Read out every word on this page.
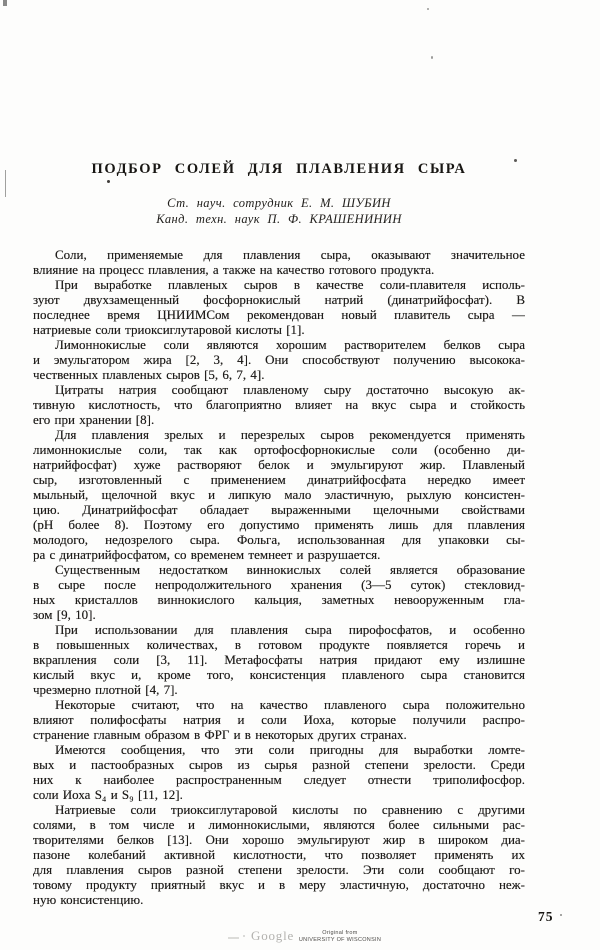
ПОДБОР СОЛЕЙ ДЛЯ ПЛАВЛЕНИЯ СЫРА
Ст. науч. сотрудник Е. М. ШУБИН
Канд. техн. наук П. Ф. КРАШЕНИНИН
Соли, применяемые для плавления сыра, оказывают значительное
влияние на процесс плавления, а также на качество готового продукта.
При выработке плавленых сыров в качестве соли-плавителя исполь-
зуют двухзамещенный фосфорнокислый натрий (динатрийфосфат). В
последнее время ЦНИИМСом рекомендован новый плавитель сыра —
натриевые соли триоксиглутаровой кислоты [1].
Лимоннокислые соли являются хорошим растворителем белков сыра
и эмульгатором жира [2, 3, 4]. Они способствуют получению высокока-
чественных плавленых сыров [5, 6, 7, 4].
Цитраты натрия сообщают плавленому сыру достаточно высокую ак-
тивную кислотность, что благоприятно влияет на вкус сыра и стойкость
его при хранении [8].
Для плавления зрелых и перезрелых сыров рекомендуется применять
лимоннокислые соли, так как ортофосфорнокислые соли (особенно ди-
натрийфосфат) хуже растворяют белок и эмульгируют жир. Плавленый
сыр, изготовленный с применением динатрийфосфата нередко имеет
мыльный, щелочной вкус и липкую мало эластичную, рыхлую консистен-
цию. Динатрийфосфат обладает выраженными щелочными свойствами
(pH более 8). Поэтому его допустимо применять лишь для плавления
молодого, недозрелого сыра. Фольга, использованная для упаковки сы-
ра с динатрийфосфатом, со временем темнеет и разрушается.
Существенным недостатком виннокислых солей является образование
в сыре после непродолжительного хранения (3—5 суток) стекловид-
ных кристаллов виннокислого кальция, заметных невооруженным гла-
зом [9, 10].
При использовании для плавления сыра пирофосфатов, и особенно
в повышенных количествах, в готовом продукте появляется горечь и
вкрапления соли [3, 11]. Метафосфаты натрия придают ему излишне
кислый вкус и, кроме того, консистенция плавленого сыра становится
чрезмерно плотной [4, 7].
Некоторые считают, что на качество плавленого сыра положительно
влияют полифосфаты натрия и соли Иоха, которые получили распро-
странение главным образом в ФРГ и в некоторых других странах.
Имеются сообщения, что эти соли пригодны для выработки ломте-
вых и пастообразных сыров из сырья разной степени зрелости. Среди
них к наиболее распространенным следует отнести триполифосфор.
соли Иоха S₄ и S₉ [11, 12].
Натриевые соли триоксиглутаровой кислоты по сравнению с другими
солями, в том числе и лимоннокислыми, являются более сильными рас-
творителями белков [13]. Они хорошо эмульгируют жир в широком диа-
пазоне колебаний активной кислотности, что позволяет применять их
для плавления сыров разной степени зрелости. Эти соли сообщают го-
товому продукту приятный вкус и в меру эластичную, достаточно неж-
ную консистенцию.
75
Google	Original from
UNIVERSITY OF WISCONSIN
